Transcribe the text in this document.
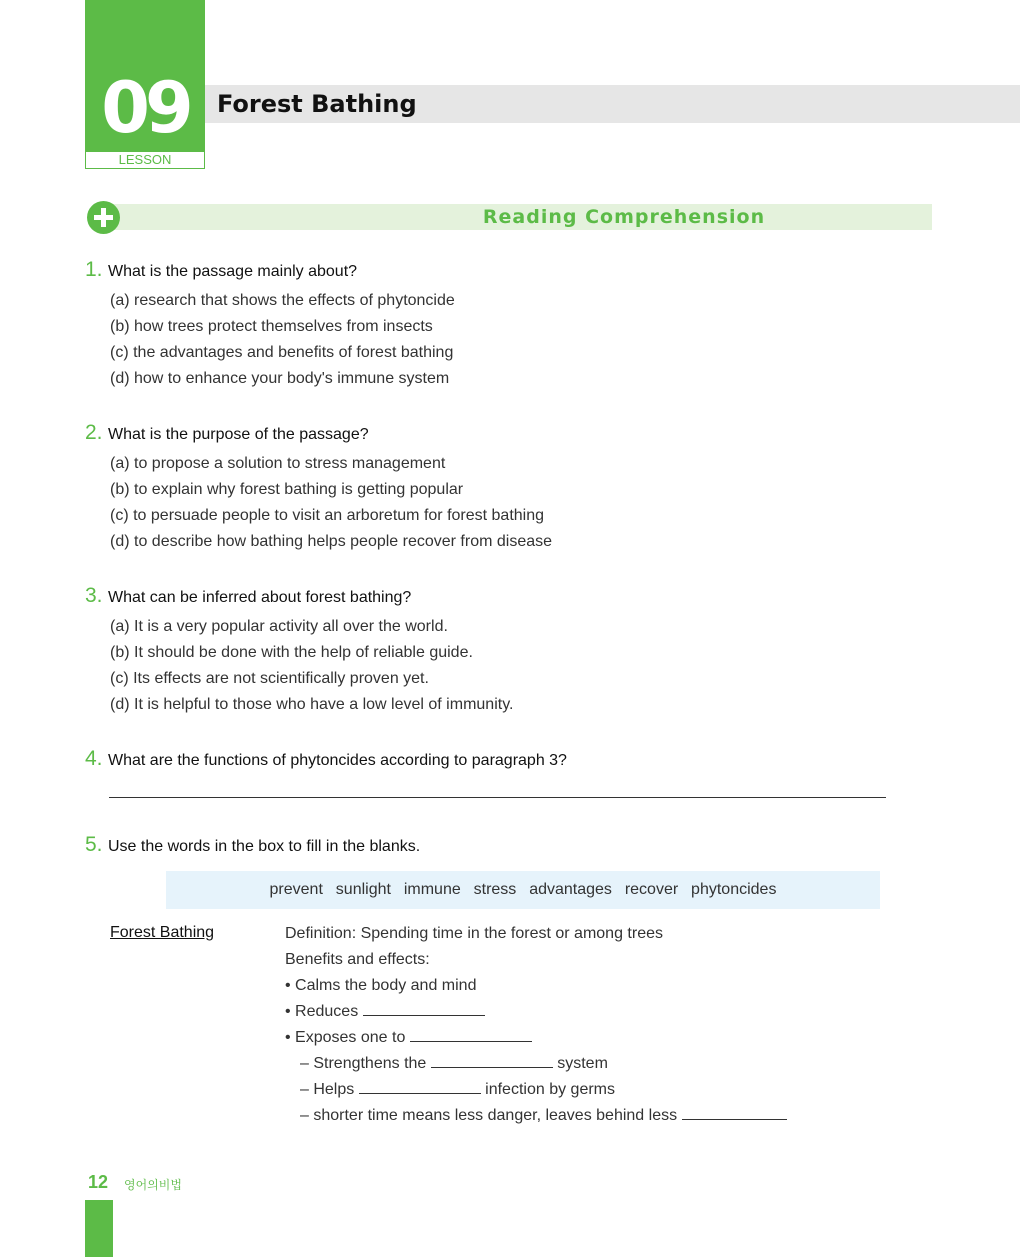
09
LESSON
Forest Bathing
Reading Comprehension
1. What is the passage mainly about?
(a) research that shows the effects of phytoncide
(b) how trees protect themselves from insects
(c) the advantages and benefits of forest bathing
(d) how to enhance your body's immune system
2. What is the purpose of the passage?
(a) to propose a solution to stress management
(b) to explain why forest bathing is getting popular
(c) to persuade people to visit an arboretum for forest bathing
(d) to describe how bathing helps people recover from disease
3. What can be inferred about forest bathing?
(a) It is a very popular activity all over the world.
(b) It should be done with the help of reliable guide.
(c) Its effects are not scientifically proven yet.
(d) It is helpful to those who have a low level of immunity.
4. What are the functions of phytoncides according to paragraph 3?
5. Use the words in the box to fill in the blanks.
prevent  sunlight  immune  stress  advantages  recover  phytoncides
Forest Bathing	Definition: Spending time in the forest or among trees
Benefits and effects:
• Calms the body and mind
• Reduces
• Exposes one to
– Strengthens the	system
– Helps	infection by germs
– shorter time means less danger, leaves behind less
12 영어의비법
